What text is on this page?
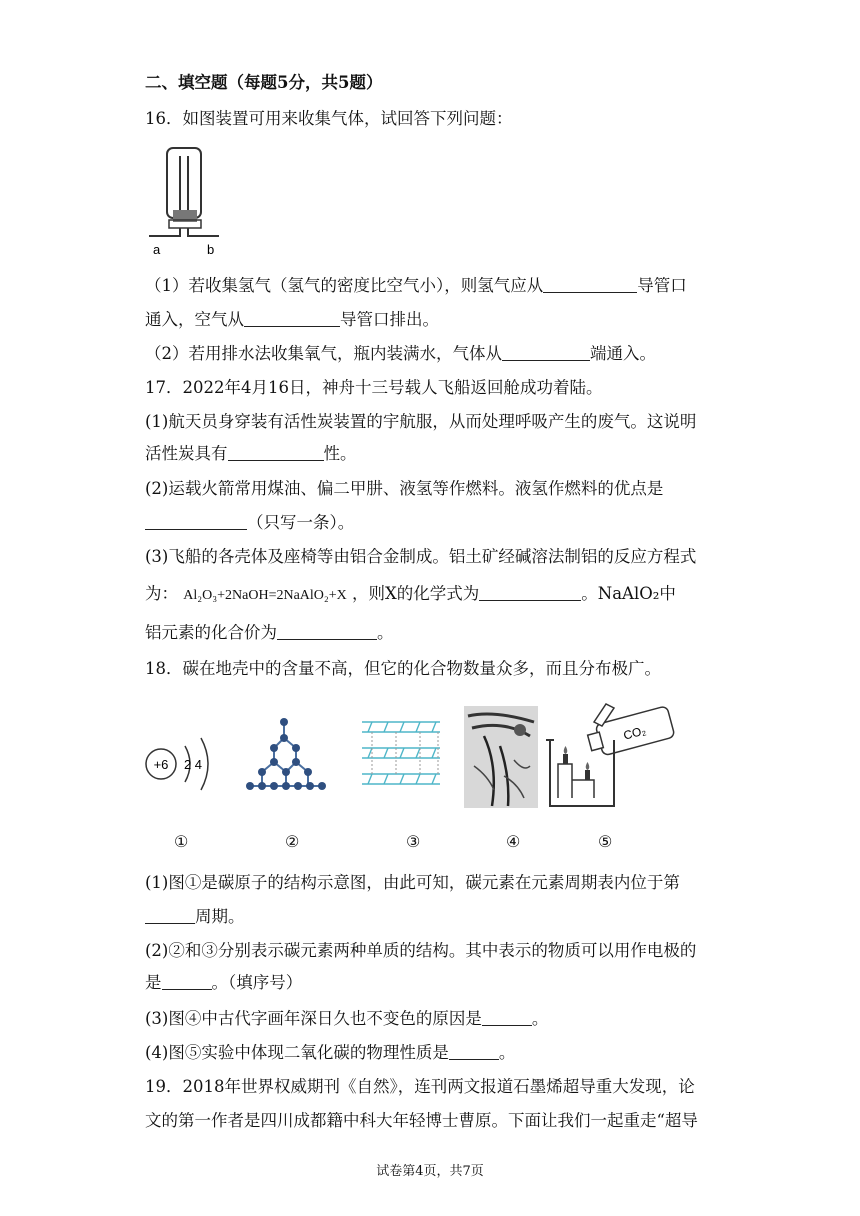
二、填空题（每题5分，共5题）
16．如图装置可用来收集气体，试回答下列问题：
a	b
（1）若收集氢气（氢气的密度比空气小），则氢气应从	导管口
通入，空气从	导管口排出。
（2）若用排水法收集氧气，瓶内装满水，气体从	端通入。
17．2022年4月16日，神舟十三号载人飞船返回舱成功着陆。
(1)航天员身穿装有活性炭装置的宇航服，从而处理呼吸产生的废气。这说明
活性炭具有	性。
(2)运载火箭常用煤油、偏二甲肼、液氢等作燃料。液氢作燃料的优点是
（只写一条）。
(3)飞船的各壳体及座椅等由铝合金制成。铝土矿经碱溶法制铝的反应方程式
为： Al₂O₃+2NaOH=2NaAlO₂+X ，则X的化学式为	。NaAlO₂中
铝元素的化合价为	。
18．碳在地壳中的含量不高，但它的化合物数量众多，而且分布极广。
+6 2 4
CO₂
①	②	③	④	⑤
(1)图①是碳原子的结构示意图，由此可知，碳元素在元素周期表内位于第
周期。
(2)②和③分别表示碳元素两种单质的结构。其中表示的物质可以用作电极的
是	。（填序号）
(3)图④中古代字画年深日久也不变色的原因是	。
(4)图⑤实验中体现二氧化碳的物理性质是	。
19．2018年世界权威期刊《自然》，连刊两文报道石墨烯超导重大发现，论
文的第一作者是四川成都籍中科大年轻博士曹原。下面让我们一起重走“超导
试卷第4页，共7页
